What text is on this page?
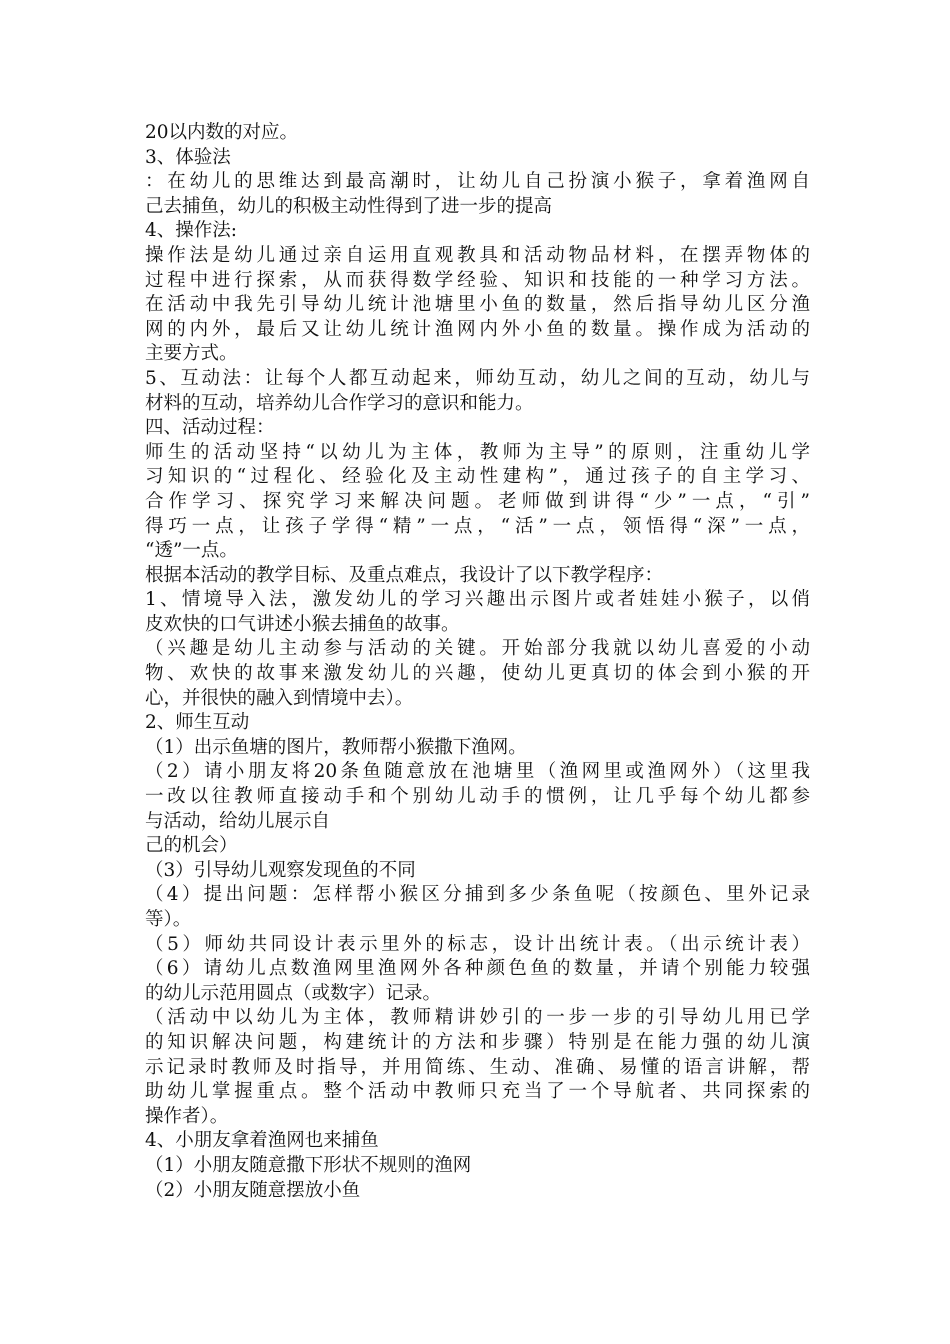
20以内数的对应。
3、体验法
：在幼儿的思维达到最高潮时，让幼儿自己扮演小猴子，拿着渔网自
己去捕鱼，幼儿的积极主动性得到了进一步的提高
4、操作法:
操作法是幼儿通过亲自运用直观教具和活动物品材料，在摆弄物体的
过程中进行探索，从而获得数学经验、知识和技能的一种学习方法。
在活动中我先引导幼儿统计池塘里小鱼的数量，然后指导幼儿区分渔
网的内外，最后又让幼儿统计渔网内外小鱼的数量。操作成为活动的
主要方式。
5、互动法：让每个人都互动起来，师幼互动，幼儿之间的互动，幼儿与
材料的互动，培养幼儿合作学习的意识和能力。
四、活动过程：
师生的活动坚持“以幼儿为主体，教师为主导”的原则，注重幼儿学
习知识的“过程化、经验化及主动性建构”，通过孩子的自主学习、
合作学习、探究学习来解决问题。老师做到讲得“少”一点，“引”
得巧一点，让孩子学得“精”一点，“活”一点，领悟得“深”一点，
“透”一点。
根据本活动的教学目标、及重点难点，我设计了以下教学程序：
1、情境导入法，激发幼儿的学习兴趣出示图片或者娃娃小猴子，以俏
皮欢快的口气讲述小猴去捕鱼的故事。
（兴趣是幼儿主动参与活动的关键。开始部分我就以幼儿喜爱的小动
物、欢快的故事来激发幼儿的兴趣，使幼儿更真切的体会到小猴的开
心，并很快的融入到情境中去）。
2、师生互动
（1）出示鱼塘的图片，教师帮小猴撒下渔网。
（2）请小朋友将20条鱼随意放在池塘里（渔网里或渔网外）（这里我
一改以往教师直接动手和个别幼儿动手的惯例，让几乎每个幼儿都参
与活动，给幼儿展示自
己的机会）
（3）引导幼儿观察发现鱼的不同
（4）提出问题：怎样帮小猴区分捕到多少条鱼呢（按颜色、里外记录
等）。
（5）师幼共同设计表示里外的标志，设计出统计表。（出示统计表）
（6）请幼儿点数渔网里渔网外各种颜色鱼的数量，并请个别能力较强
的幼儿示范用圆点（或数字）记录。
（活动中以幼儿为主体，教师精讲妙引的一步一步的引导幼儿用已学
的知识解决问题，构建统计的方法和步骤）特别是在能力强的幼儿演
示记录时教师及时指导，并用简练、生动、准确、易懂的语言讲解，帮
助幼儿掌握重点。整个活动中教师只充当了一个导航者、共同探索的
操作者）。
4、小朋友拿着渔网也来捕鱼
（1）小朋友随意撒下形状不规则的渔网
（2）小朋友随意摆放小鱼
